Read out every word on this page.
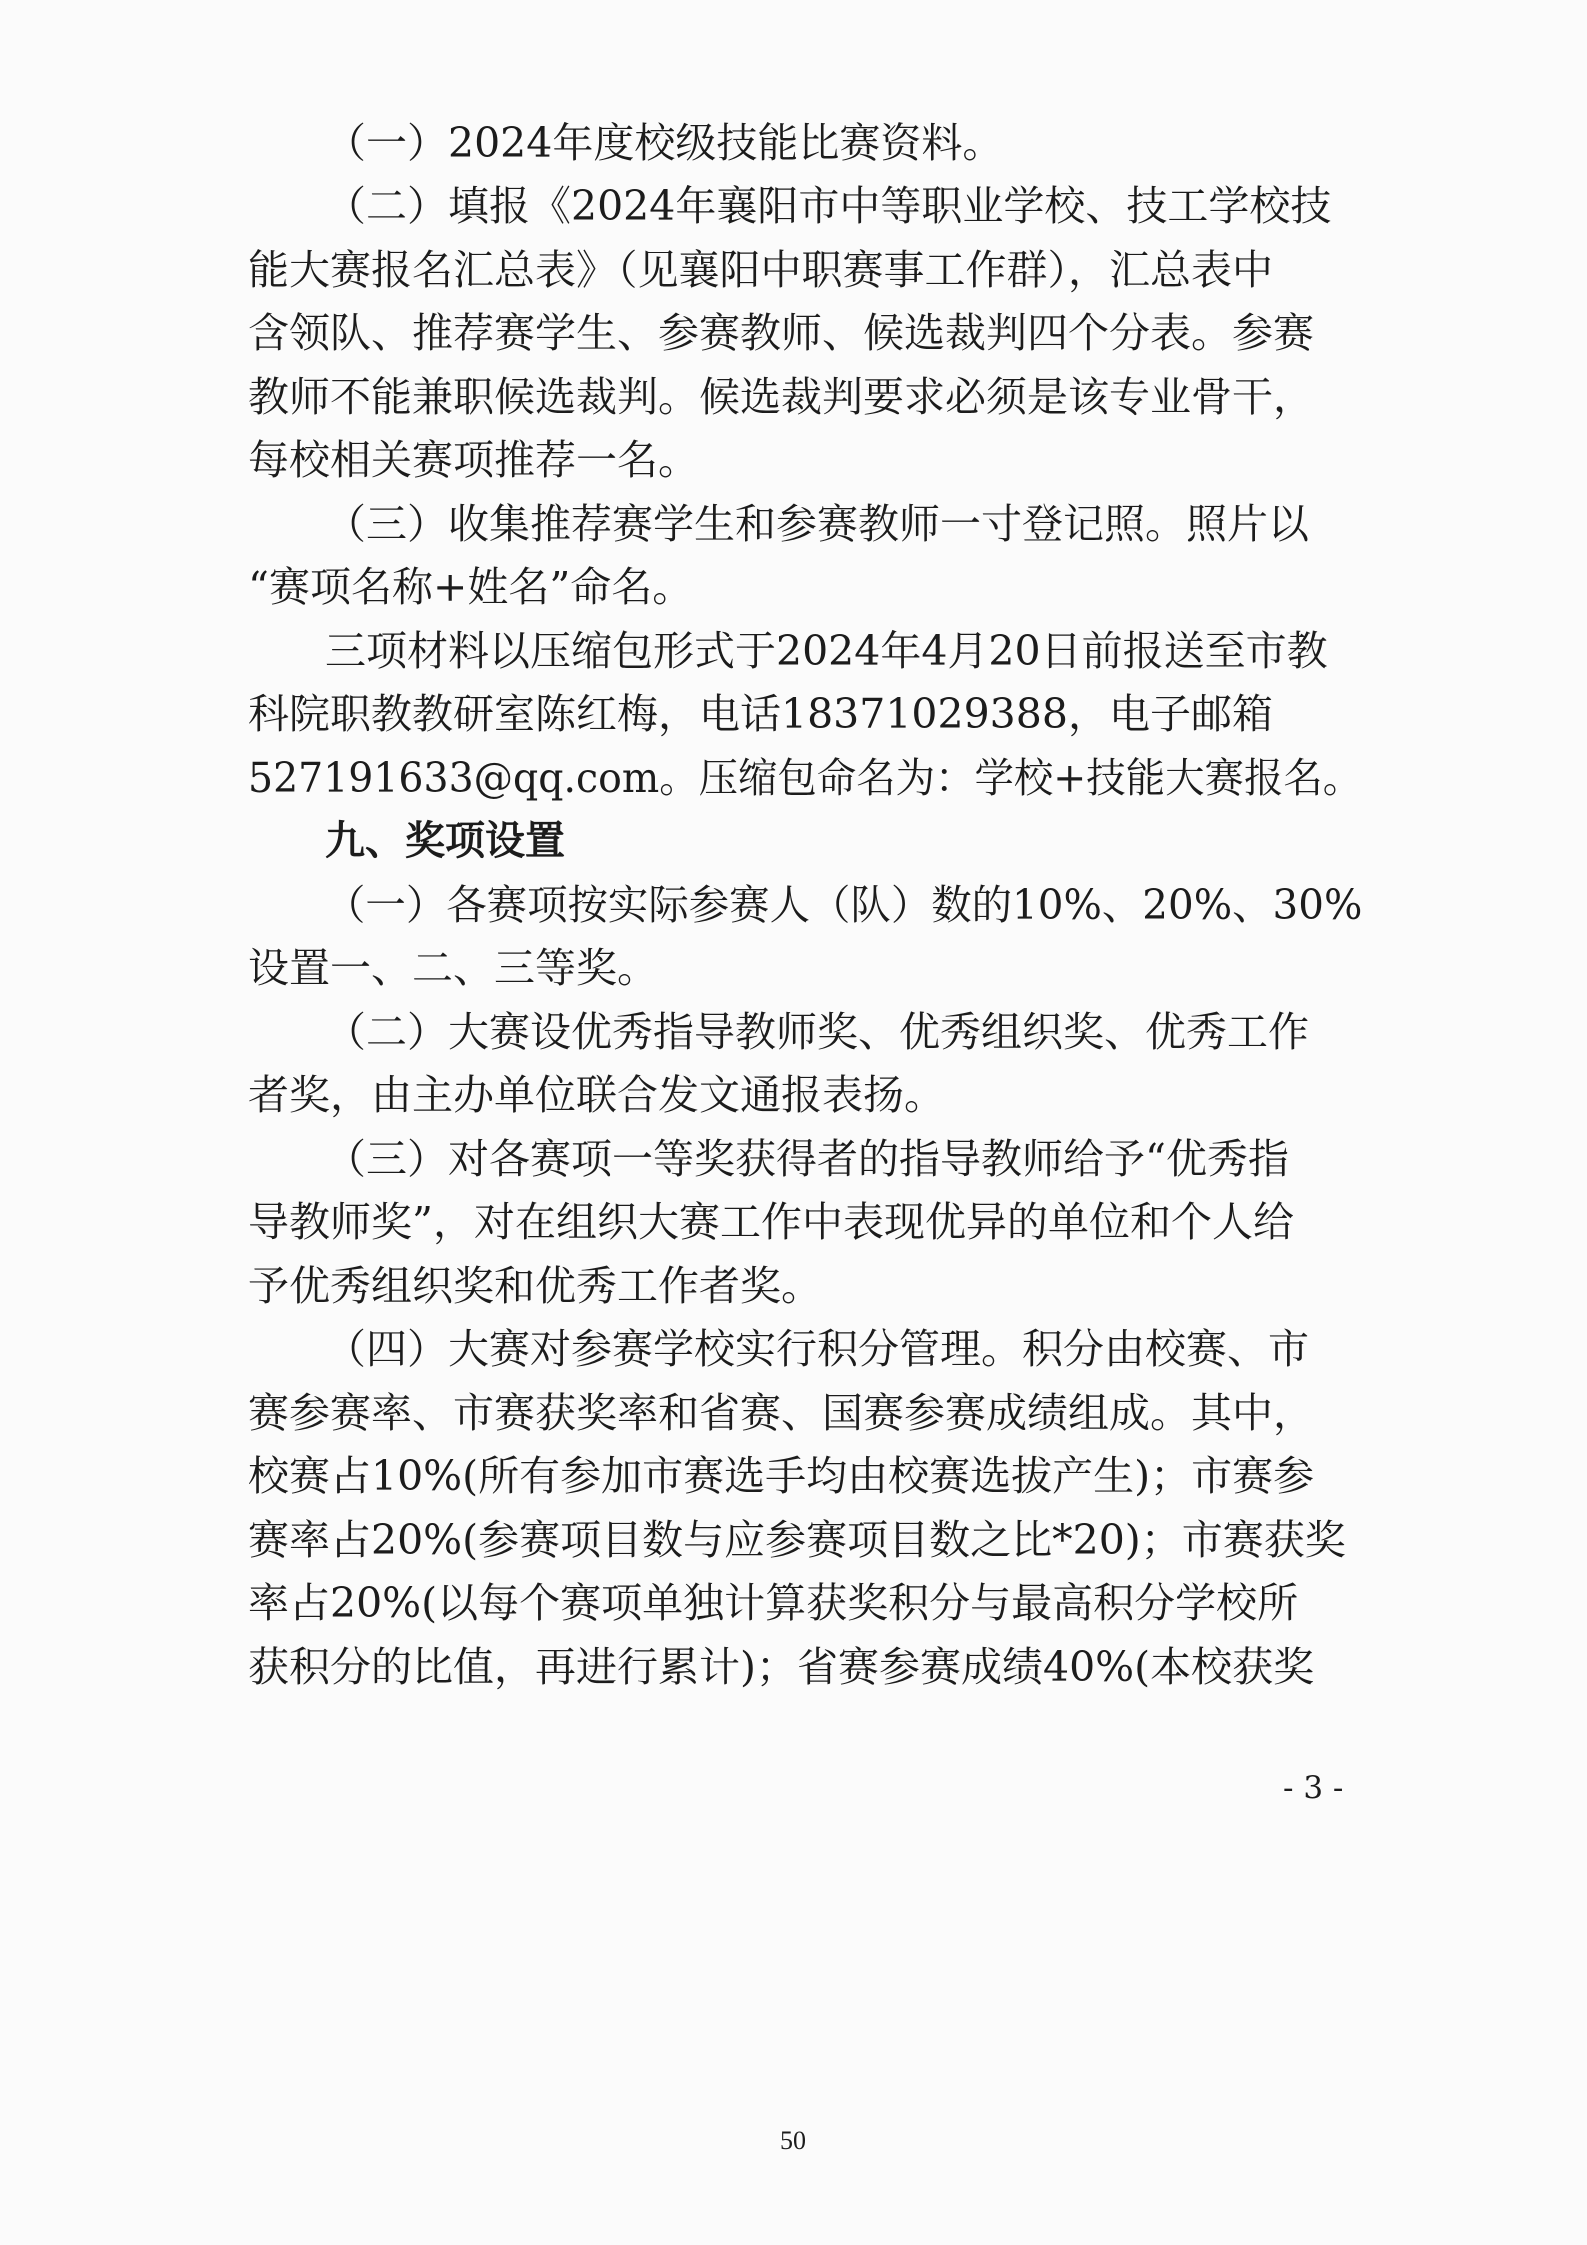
（一）2024年度校级技能比赛资料。

（二）填报《2024年襄阳市中等职业学校、技工学校技

能大赛报名汇总表》（见襄阳中职赛事工作群），汇总表中

含领队、推荐赛学生、参赛教师、候选裁判四个分表。参赛

教师不能兼职候选裁判。候选裁判要求必须是该专业骨干，

每校相关赛项推荐一名。

（三）收集推荐赛学生和参赛教师一寸登记照。照片以

“赛项名称+姓名”命名。

三项材料以压缩包形式于2024年4月20日前报送至市教

科院职教教研室陈红梅，电话18371029388，电子邮箱

527191633@qq.com。压缩包命名为：学校+技能大赛报名。

九、奖项设置

（一）各赛项按实际参赛人（队）数的10%、20%、30%

设置一、二、三等奖。

（二）大赛设优秀指导教师奖、优秀组织奖、优秀工作

者奖，由主办单位联合发文通报表扬。

（三）对各赛项一等奖获得者的指导教师给予“优秀指

导教师奖”，对在组织大赛工作中表现优异的单位和个人给

予优秀组织奖和优秀工作者奖。

（四）大赛对参赛学校实行积分管理。积分由校赛、市

赛参赛率、市赛获奖率和省赛、国赛参赛成绩组成。其中，

校赛占10%(所有参加市赛选手均由校赛选拔产生)；市赛参

赛率占20%(参赛项目数与应参赛项目数之比*20)；市赛获奖

率占20%(以每个赛项单独计算获奖积分与最高积分学校所

获积分的比值，再进行累计)；省赛参赛成绩40%(本校获奖

- 3 -
50
